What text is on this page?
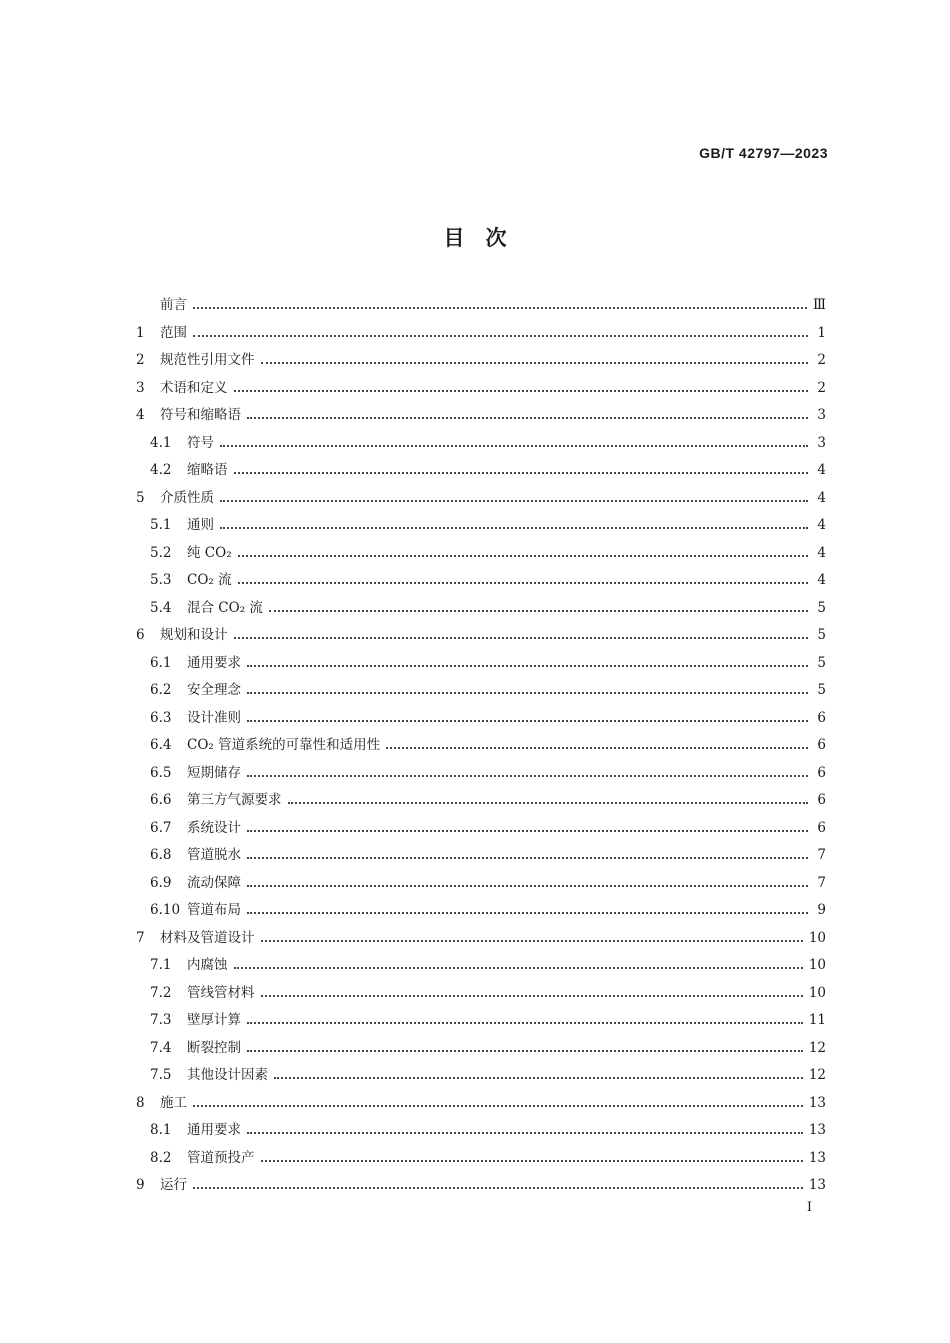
GB/T 42797—2023
目　次
前言	Ⅲ
1	范围	1
2	规范性引用文件	2
3	术语和定义	2
4	符号和缩略语	3
4.1	符号	3
4.2	缩略语	4
5	介质性质	4
5.1	通则	4
5.2	纯 CO₂	4
5.3	CO₂ 流	4
5.4	混合 CO₂ 流	5
6	规划和设计	5
6.1	通用要求	5
6.2	安全理念	5
6.3	设计准则	6
6.4	CO₂ 管道系统的可靠性和适用性	6
6.5	短期储存	6
6.6	第三方气源要求	6
6.7	系统设计	6
6.8	管道脱水	7
6.9	流动保障	7
6.10 管道布局	9
7	材料及管道设计	10
7.1	内腐蚀	10
7.2	管线管材料	10
7.3	壁厚计算	11
7.4	断裂控制	12
7.5	其他设计因素	12
8	施工	13
8.1	通用要求	13
8.2	管道预投产	13
9	运行	13
I
